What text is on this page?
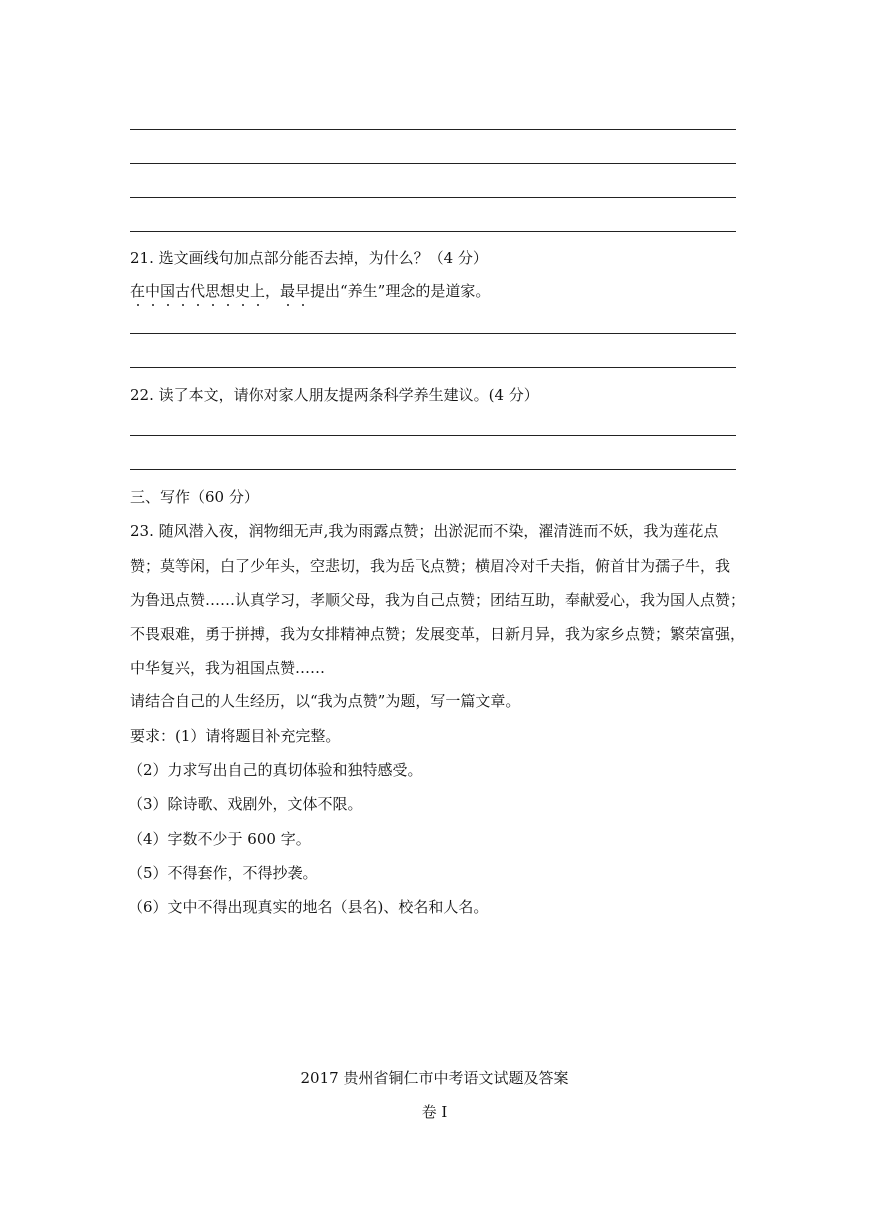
21. 选文画线句加点部分能否去掉，为什么？（4 分）
在中国古代思想史上，最早提出“养生”理念的是道家。
22. 读了本文，请你对家人朋友提两条科学养生建议。(4 分）
三、写作（60 分）
23. 随风潜入夜，润物细无声,我为雨露点赞；出淤泥而不染，濯清涟而不妖，我为莲花点
赞；莫等闲，白了少年头，空悲切，我为岳飞点赞；横眉冷对千夫指，俯首甘为孺子牛，我
为鲁迅点赞……认真学习，孝顺父母，我为自己点赞；团结互助，奉献爱心，我为国人点赞；
不畏艰难，勇于拼搏，我为女排精神点赞；发展变革，日新月异，我为家乡点赞；繁荣富强，
中华复兴，我为祖国点赞……
请结合自己的人生经历，以“我为点赞”为题，写一篇文章。
要求：(1）请将题目补充完整。
（2）力求写出自己的真切体验和独特感受。
（3）除诗歌、戏剧外，文体不限。
（4）字数不少于 600 字。
（5）不得套作，不得抄袭。
（6）文中不得出现真实的地名（县名)、校名和人名。
2017 贵州省铜仁市中考语文试题及答案
卷 I
